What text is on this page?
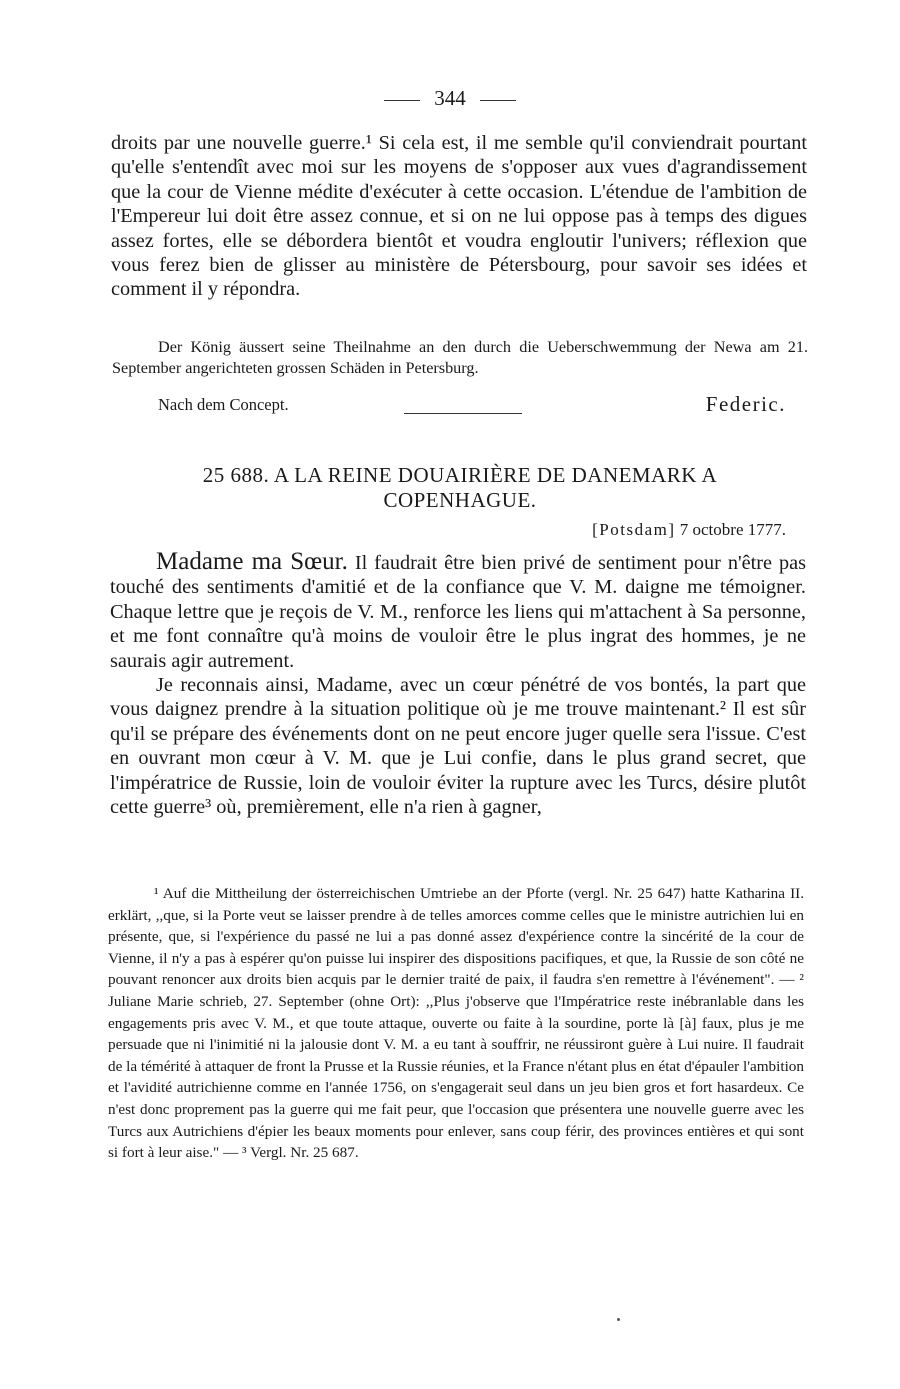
344

droits par une nouvelle guerre.¹ Si cela est, il me semble qu'il conviendrait pourtant qu'elle s'entendît avec moi sur les moyens de s'opposer aux vues d'agrandissement que la cour de Vienne médite d'exécuter à cette occasion. L'étendue de l'ambition de l'Empereur lui doit être assez connue, et si on ne lui oppose pas à temps des digues assez fortes, elle se débordera bientôt et voudra engloutir l'univers; réflexion que vous ferez bien de glisser au ministère de Pétersbourg, pour savoir ses idées et comment il y répondra.

Der König äussert seine Theilnahme an den durch die Ueberschwemmung der Newa am 21. September angerichteten grossen Schäden in Petersburg.

Nach dem Concept.	Federic.
25 688. A LA REINE DOUAIRIÈRE DE DANEMARK A COPENHAGUE.
[Potsdam] 7 octobre 1777.

Madame ma Sœur. Il faudrait être bien privé de sentiment pour n'être pas touché des sentiments d'amitié et de la confiance que V. M. daigne me témoigner. Chaque lettre que je reçois de V. M., renforce les liens qui m'attachent à Sa personne, et me font connaître qu'à moins de vouloir être le plus ingrat des hommes, je ne saurais agir autrement.

Je reconnais ainsi, Madame, avec un cœur pénétré de vos bontés, la part que vous daignez prendre à la situation politique où je me trouve maintenant.² Il est sûr qu'il se prépare des événements dont on ne peut encore juger quelle sera l'issue. C'est en ouvrant mon cœur à V. M. que je Lui confie, dans le plus grand secret, que l'impératrice de Russie, loin de vouloir éviter la rupture avec les Turcs, désire plutôt cette guerre³ où, premièrement, elle n'a rien à gagner,

¹ Auf die Mittheilung der österreichischen Umtriebe an der Pforte (vergl. Nr. 25 647) hatte Katharina II. erklärt, ,,que, si la Porte veut se laisser prendre à de telles amorces comme celles que le ministre autrichien lui en présente, que, si l'expérience du passé ne lui a pas donné assez d'expérience contre la sincérité de la cour de Vienne, il n'y a pas à espérer qu'on puisse lui inspirer des dispositions pacifiques, et que, la Russie de son côté ne pouvant renoncer aux droits bien acquis par le dernier traité de paix, il faudra s'en remettre à l'événement". — ² Juliane Marie schrieb, 27. September (ohne Ort): ,,Plus j'observe que l'Impératrice reste inébranlable dans les engagements pris avec V. M., et que toute attaque, ouverte ou faite à la sourdine, porte là [à] faux, plus je me persuade que ni l'inimitié ni la jalousie dont V. M. a eu tant à souffrir, ne réussiront guère à Lui nuire. Il faudrait de la témérité à attaquer de front la Prusse et la Russie réunies, et la France n'étant plus en état d'épauler l'ambition et l'avidité autrichienne comme en l'année 1756, on s'engagerait seul dans un jeu bien gros et fort hasardeux. Ce n'est donc proprement pas la guerre qui me fait peur, que l'occasion que présentera une nouvelle guerre avec les Turcs aux Autrichiens d'épier les beaux moments pour enlever, sans coup férir, des provinces entières et qui sont si fort à leur aise." — ³ Vergl. Nr. 25 687.
